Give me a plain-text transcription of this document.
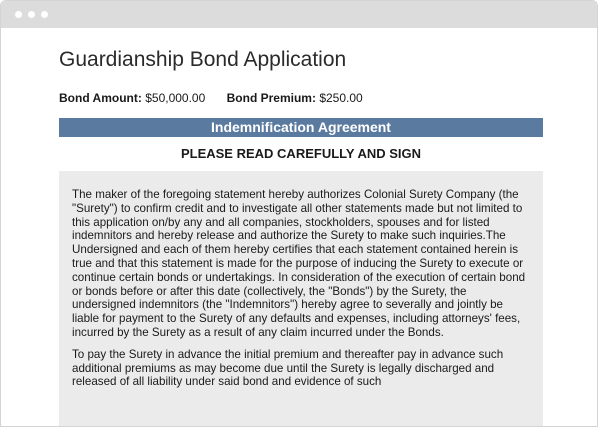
Guardianship Bond Application
Bond Amount: $50,000.00 Bond Premium: $250.00
Indemnification Agreement
PLEASE READ CAREFULLY AND SIGN

The maker of the foregoing statement hereby authorizes Colonial Surety Company (the "Surety") to confirm credit and to investigate all other statements made but not limited to this application on/by any and all companies, stockholders, spouses and for listed indemnitors and hereby release and authorize the Surety to make such inquiries.The Undersigned and each of them hereby certifies that each statement contained herein is true and that this statement is made for the purpose of inducing the Surety to execute or continue certain bonds or undertakings. In consideration of the execution of certain bond or bonds before or after this date (collectively, the "Bonds") by the Surety, the undersigned indemnitors (the "Indemnitors") hereby agree to severally and jointly be liable for payment to the Surety of any defaults and expenses, including attorneys' fees, incurred by the Surety as a result of any claim incurred under the Bonds.

To pay the Surety in advance the initial premium and thereafter pay in advance such additional premiums as may become due until the Surety is legally discharged and released of all liability under said bond and evidence of such
